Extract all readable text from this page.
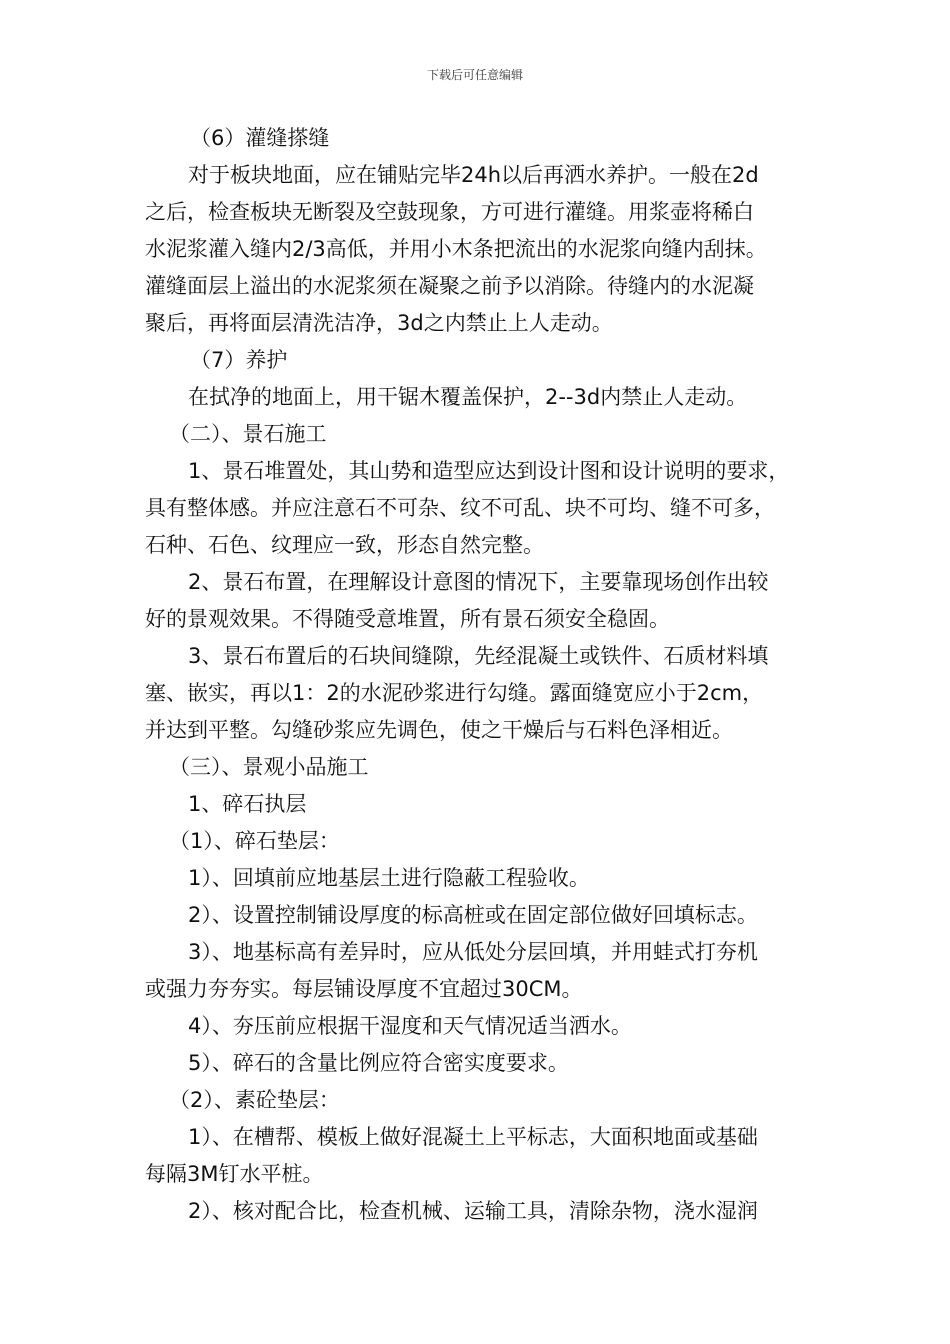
下载后可任意编辑
（6）灌缝搽缝
对于板块地面，应在铺贴完毕24h以后再洒水养护。一般在2d
之后，检查板块无断裂及空鼓现象，方可进行灌缝。用浆壶将稀白
水泥浆灌入缝内2/3高低，并用小木条把流出的水泥浆向缝内刮抹。
灌缝面层上溢出的水泥浆须在凝聚之前予以消除。待缝内的水泥凝
聚后，再将面层清洗洁净，3d之内禁止上人走动。
（7）养护
在拭净的地面上，用干锯木覆盖保护，2--3d内禁止人走动。
（二）、景石施工
1、景石堆置处，其山势和造型应达到设计图和设计说明的要求，
具有整体感。并应注意石不可杂、纹不可乱、块不可均、缝不可多，
石种、石色、纹理应一致，形态自然完整。
2、景石布置，在理解设计意图的情况下，主要靠现场创作出较
好的景观效果。不得随受意堆置，所有景石须安全稳固。
3、景石布置后的石块间缝隙，先经混凝土或铁件、石质材料填
塞、嵌实，再以1：2的水泥砂浆进行勾缝。露面缝宽应小于2cm，
并达到平整。勾缝砂浆应先调色，使之干燥后与石料色泽相近。
（三）、景观小品施工
1、碎石执层
（1）、碎石垫层：
1）、回填前应地基层土进行隐蔽工程验收。
2）、设置控制铺设厚度的标高桩或在固定部位做好回填标志。
3）、地基标高有差异时，应从低处分层回填，并用蛙式打夯机
或强力夯夯实。每层铺设厚度不宜超过30CM。
4）、夯压前应根据干湿度和天气情况适当洒水。
5）、碎石的含量比例应符合密实度要求。
（2）、素砼垫层：
1）、在槽帮、模板上做好混凝土上平标志，大面积地面或基础
每隔3M钉水平桩。
2）、核对配合比，检查机械、运输工具，清除杂物，浇水湿润
